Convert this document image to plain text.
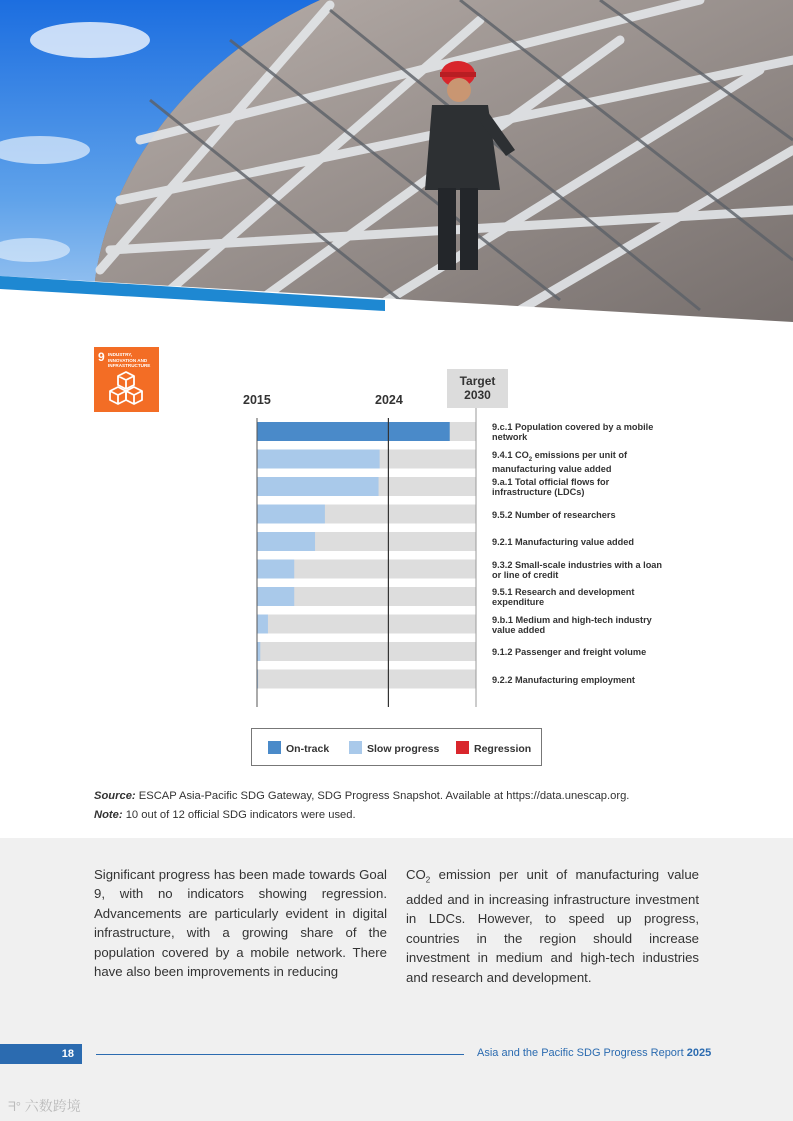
9 INDUSTRY, INNOVATION AND INFRASTRUCTURE
2015	2024
Target 2030
9.c.1 Population covered by a mobile
network
9.4.1 $CO_2$ emissions per unit of
manufacturing value added
9.a.1 Total official flows for
infrastructure (LDCs)
9.5.2 Number of researchers
9.2.1 Manufacturing value added
9.3.2 Small-scale industries with a loan
or line of credit
9.5.1 Research and development
expenditure
9.b.1 Medium and high-tech industry
value added
9.1.2 Passenger and freight volume
9.2.2 Manufacturing employment
On-track	Slow progress	Regression
Source: ESCAP Asia-Pacific SDG Gateway, SDG Progress Snapshot. Available at https://data.unescap.org.
Note: 10 out of 12 official SDG indicators were used.
Significant progress has been made towards Goal 9, with no indicators showing regression. Advancements are particularly evident in digital infrastructure, with a growing share of the population covered by a mobile network. There have also been improvements in reducing
$CO_2$ emission per unit of manufacturing value added and in increasing infrastructure investment in LDCs. However, to speed up progress, countries in the region should increase investment in medium and high-tech industries and research and development.
18	Asia and the Pacific SDG Progress Report 2025
ᖷ° 六数跨境
